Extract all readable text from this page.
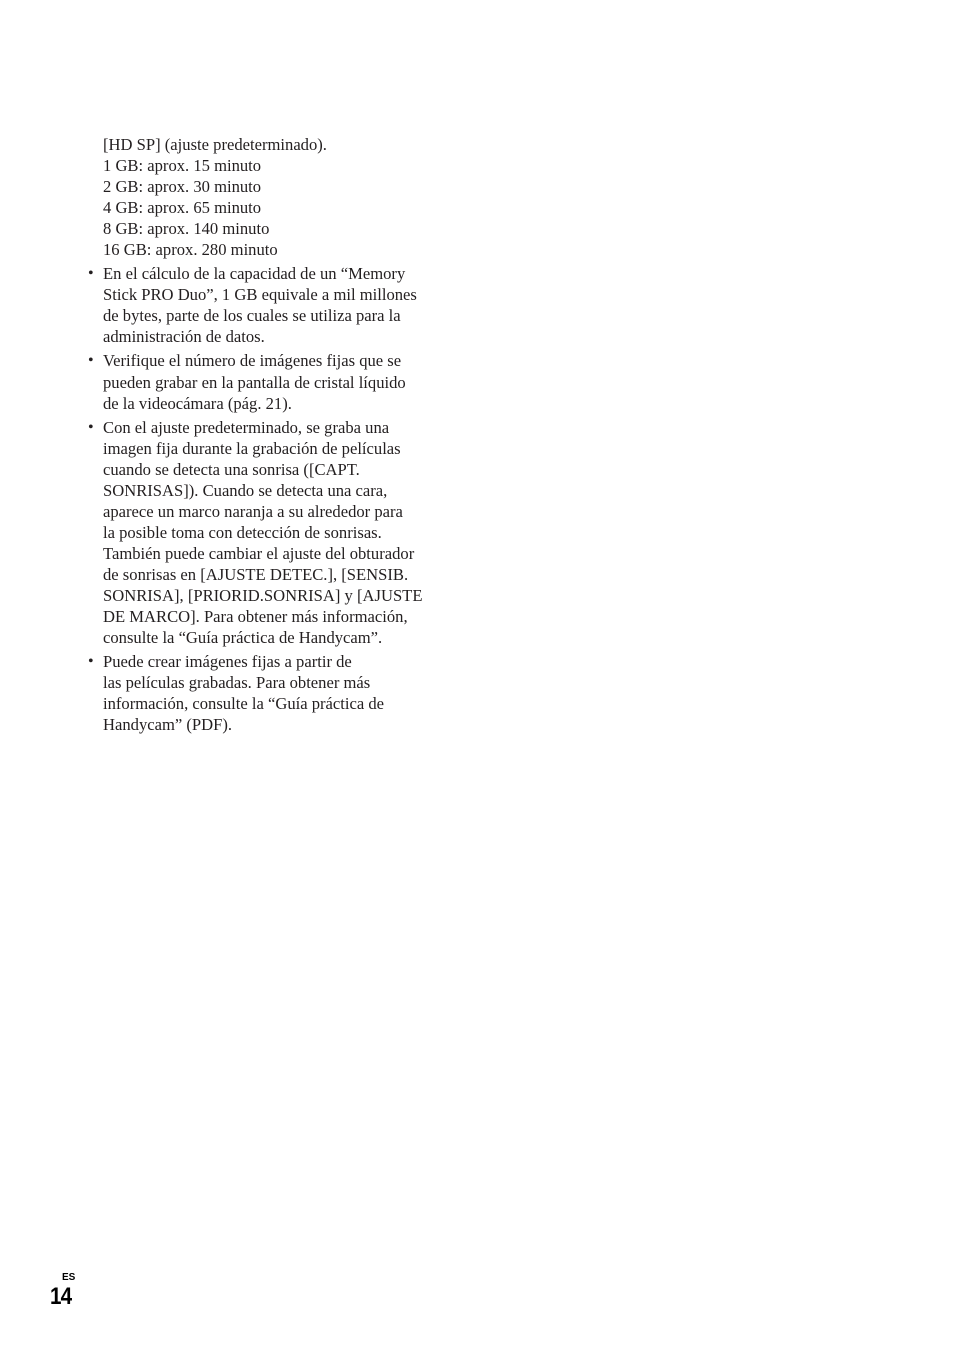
[HD SP] (ajuste predeterminado).
1 GB: aprox. 15 minuto
2 GB: aprox. 30 minuto
4 GB: aprox. 65 minuto
8 GB: aprox. 140 minuto
16 GB: aprox. 280 minuto
• En el cálculo de la capacidad de un “Memory
Stick PRO Duo”, 1 GB equivale a mil millones
de bytes, parte de los cuales se utiliza para la
administración de datos.
• Verifique el número de imágenes fijas que se
pueden grabar en la pantalla de cristal líquido
de la videocámara (pág. 21).
• Con el ajuste predeterminado, se graba una
imagen fija durante la grabación de películas
cuando se detecta una sonrisa ([CAPT.
SONRISAS]). Cuando se detecta una cara,
aparece un marco naranja a su alrededor para
la posible toma con detección de sonrisas.
También puede cambiar el ajuste del obturador
de sonrisas en [AJUSTE DETEC.], [SENSIB.
SONRISA], [PRIORID.SONRISA] y [AJUSTE
DE MARCO]. Para obtener más información,
consulte la “Guía práctica de Handycam”.
• Puede crear imágenes fijas a partir de
las películas grabadas. Para obtener más
información, consulte la “Guía práctica de
Handycam” (PDF).
ES
14
